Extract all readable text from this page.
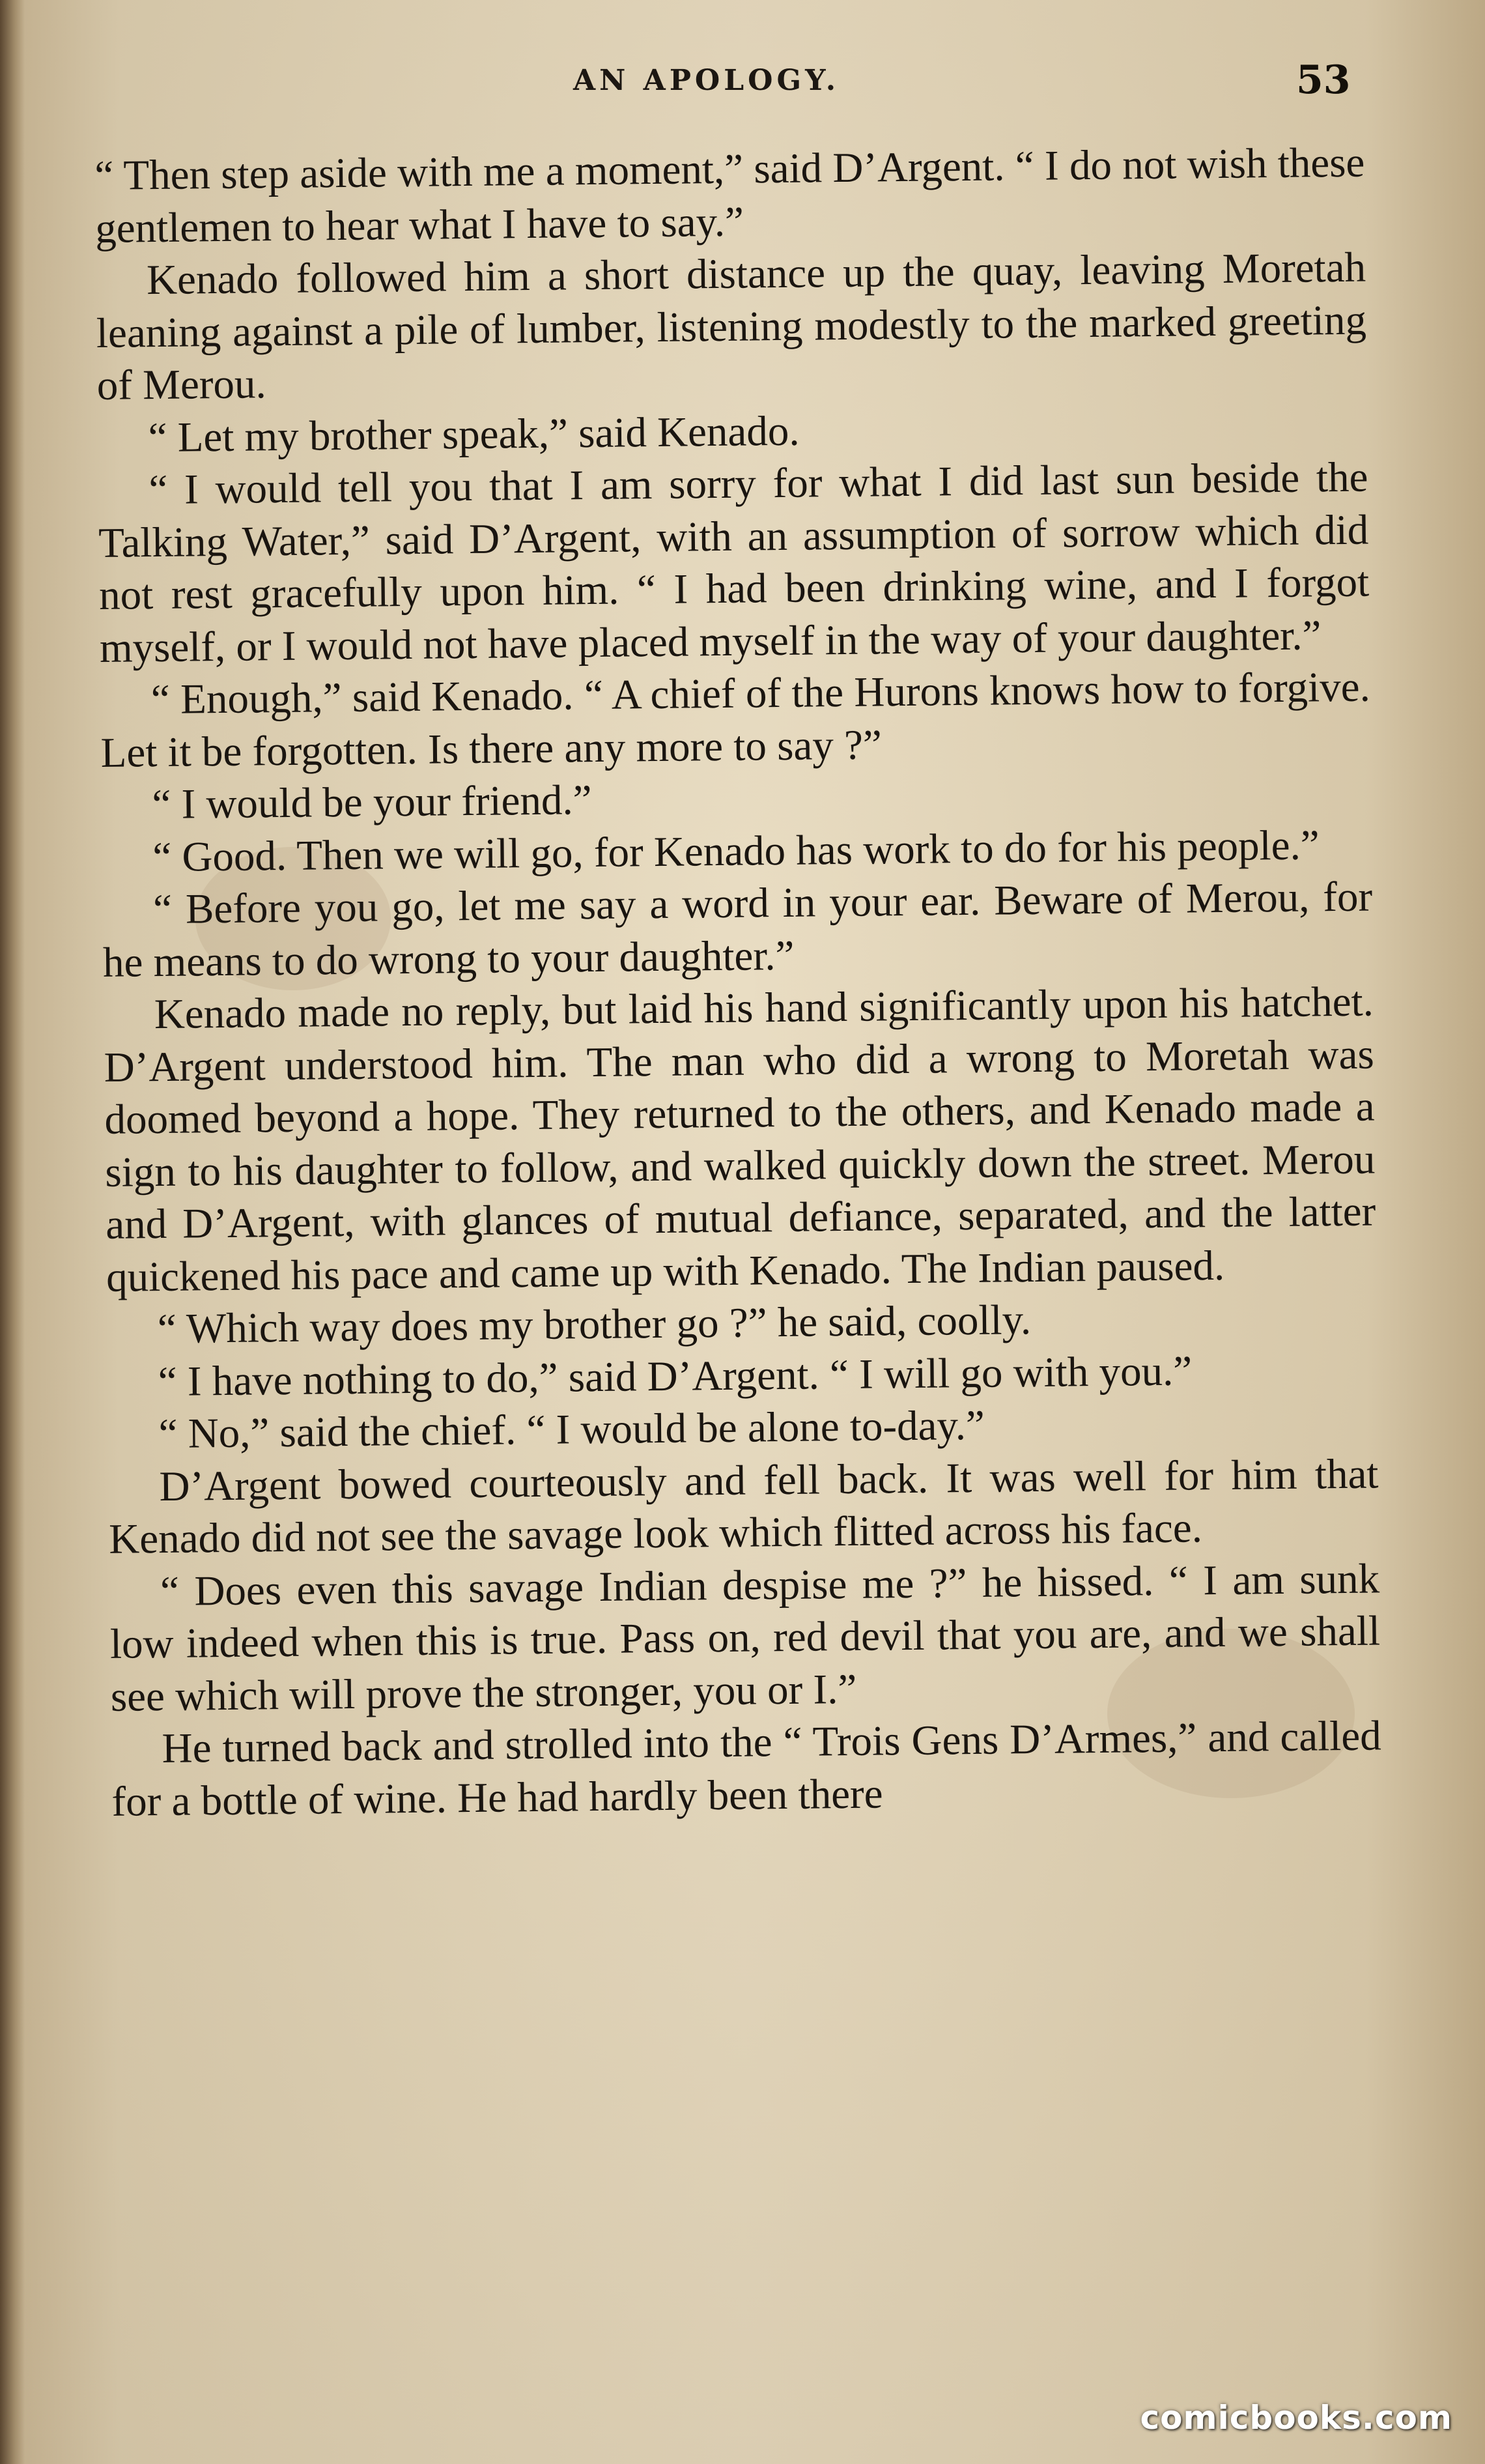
AN APOLOGY.	53

“ Then step aside with me a moment,” said D’Argent. “ I do not wish these gentlemen to hear what I have to say.”

Kenado followed him a short distance up the quay, leaving Moretah leaning against a pile of lumber, listening modestly to the marked greeting of Merou.

“ Let my brother speak,” said Kenado.

“ I would tell you that I am sorry for what I did last sun beside the Talking Water,” said D’Argent, with an assumption of sorrow which did not rest gracefully upon him. “ I had been drinking wine, and I forgot myself, or I would not have placed myself in the way of your daughter.”

“ Enough,” said Kenado. “ A chief of the Hurons knows how to forgive. Let it be forgotten. Is there any more to say ?”

“ I would be your friend.”

“ Good. Then we will go, for Kenado has work to do for his people.”

“ Before you go, let me say a word in your ear. Beware of Merou, for he means to do wrong to your daughter.”

Kenado made no reply, but laid his hand significantly upon his hatchet. D’Argent understood him. The man who did a wrong to Moretah was doomed beyond a hope. They returned to the others, and Kenado made a sign to his daughter to follow, and walked quickly down the street. Merou and D’Argent, with glances of mutual defiance, separated, and the latter quickened his pace and came up with Kenado. The Indian paused.

“ Which way does my brother go ?” he said, coolly.

“ I have nothing to do,” said D’Argent. “ I will go with you.”

“ No,” said the chief. “ I would be alone to-day.”

D’Argent bowed courteously and fell back. It was well for him that Kenado did not see the savage look which flitted across his face.

“ Does even this savage Indian despise me ?” he hissed. “ I am sunk low indeed when this is true. Pass on, red devil that you are, and we shall see which will prove the stronger, you or I.”

He turned back and strolled into the “ Trois Gens D’Armes,” and called for a bottle of wine. He had hardly been there

comicbooks.com
